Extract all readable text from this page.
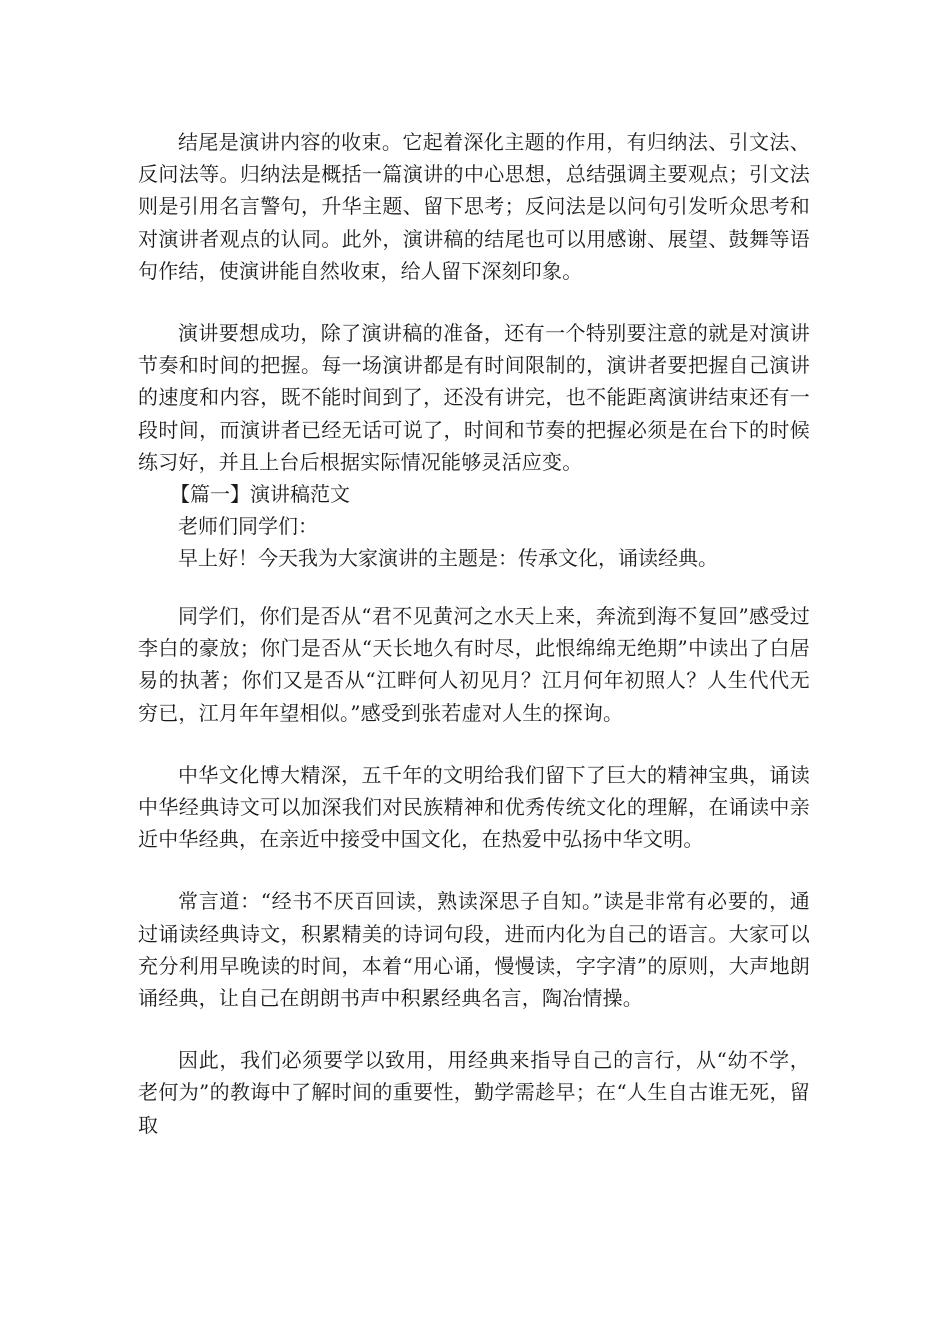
结尾是演讲内容的收束。它起着深化主题的作用，有归纳法、引文法、反问法等。归纳法是概括一篇演讲的中心思想，总结强调主要观点；引文法则是引用名言警句，升华主题、留下思考；反问法是以问句引发听众思考和对演讲者观点的认同。此外，演讲稿的结尾也可以用感谢、展望、鼓舞等语句作结，使演讲能自然收束，给人留下深刻印象。

演讲要想成功，除了演讲稿的准备，还有一个特别要注意的就是对演讲节奏和时间的把握。每一场演讲都是有时间限制的，演讲者要把握自己演讲的速度和内容，既不能时间到了，还没有讲完，也不能距离演讲结束还有一段时间，而演讲者已经无话可说了，时间和节奏的把握必须是在台下的时候练习好，并且上台后根据实际情况能够灵活应变。

【篇一】演讲稿范文

老师们同学们：

早上好！今天我为大家演讲的主题是：传承文化，诵读经典。

同学们，你们是否从“君不见黄河之水天上来，奔流到海不复回”感受过李白的豪放；你门是否从“天长地久有时尽，此恨绵绵无绝期”中读出了白居易的执著；你们又是否从“江畔何人初见月？江月何年初照人？人生代代无穷已，江月年年望相似。”感受到张若虚对人生的探询。

中华文化博大精深，五千年的文明给我们留下了巨大的精神宝典，诵读中华经典诗文可以加深我们对民族精神和优秀传统文化的理解，在诵读中亲近中华经典，在亲近中接受中国文化，在热爱中弘扬中华文明。

常言道：“经书不厌百回读，熟读深思子自知。”读是非常有必要的，通过诵读经典诗文，积累精美的诗词句段，进而内化为自己的语言。大家可以充分利用早晚读的时间，本着“用心诵，慢慢读，字字清”的原则，大声地朗诵经典，让自己在朗朗书声中积累经典名言，陶冶情操。

因此，我们必须要学以致用，用经典来指导自己的言行，从“幼不学，老何为”的教诲中了解时间的重要性，勤学需趁早；在“人生自古谁无死，留取
